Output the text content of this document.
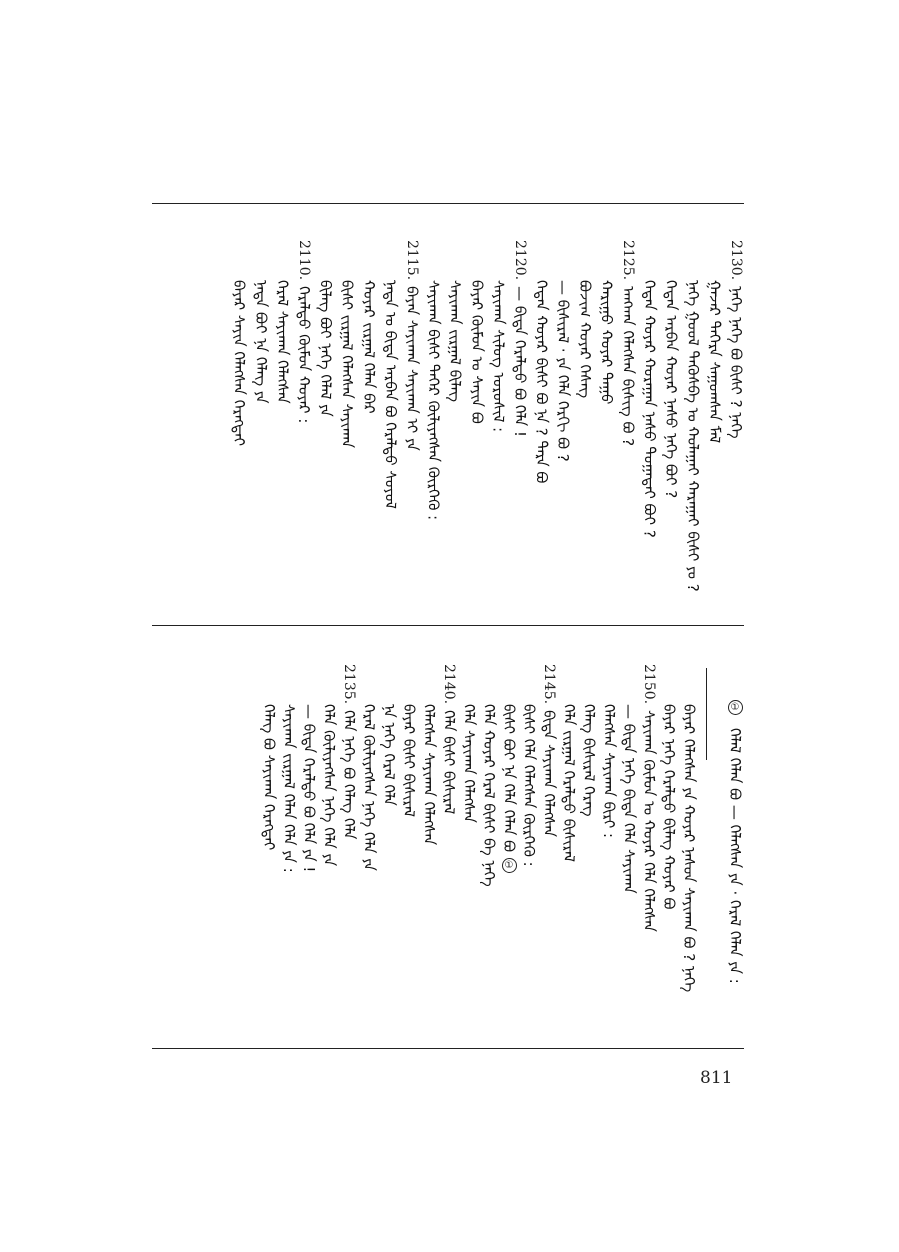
2130.ᠨᠡᠭᠡ ᠨᠡᠭᠡ ᠪᠣ ᠪᠢᠰᠢ ? ᠨᠡᠭᠡ
ᠭᠠᠵᠠᠷ ᠳᠡᠭᠡᠷᠡ ᠰᠠᠭᠤᠭᠰᠠᠨ ᠮᠠᠯ
ᠨᠡᠭᠡ ᠭᠣᠣᠯ ᠲᠡᠭᠦᠰᠪᠡ ᠣ ᠬᠤᠯᠠᠭᠠᠢ ᠬᠠᠷᠠᠭᠠᠢ ᠪᠢᠰᠢ ᠶᠤ ?
ᠬᠡᠳᠡᠨ ᠠᠷᠪᠠᠨ ᠬᠣᠶᠠᠷ ᠨᠠᠰᠤ ᠨᠡᠭᠡ ᠪᠣᠢ ?
ᠬᠡᠳᠡᠨ ᠬᠣᠶᠠᠷ ᠬᠤᠷᠠᠭᠠᠨ ᠨᠠᠰᠤ ᠲᠣᠭᠠᠲᠠᠢ ᠪᠣᠢ ?
2125.ᠠᠩᠬᠠᠨ ᠬᠡᠯᠡᠭᠰᠡᠨ ᠪᠢᠰᠢᠭ ᠪᠣ ?
ᠬᠠᠷᠢᠭᠤ ᠬᠣᠶᠠᠷ ᠳᠠᠭᠤ
ᠪᠤᠵᠢᠭ ᠬᠣᠶᠠᠷ ᠬᠡᠰᠡᠭ
— ᠪᠢᠰᠢᠷᠡᠯ · ᠶᠠ ᠬᠡᠯᠡ ᠬᠡᠷᠬᠢ ᠪᠣ ?
ᠬᠡᠳᠡᠨ ᠬᠣᠶᠠᠷ ᠪᠢᠰᠢ ᠪᠣ ᠨᠡ ? ᠳᠠᠷᠠ ᠪᠣ
2120.— ᠪᠢᠳᠡ ᠭᠡᠷᠡᠯᠲᠦ ᠪᠣ ᠬᠡᠯᠡ !
ᠰᠠᠶᠢᠬᠠᠨ ᠰᠢᠯᠦᠭ ᠣᠷᠣᠰᠢᠯ :
ᠪᠠᠶᠠᠷ ᠬᠦᠮᠦᠨ ᠣ ᠰᠠᠶᠢᠨ ᠪᠣ
ᠰᠠᠶᠢᠬᠠᠨ ᠵᠢᠷᠭᠠᠯ ᠪᠢᠯᠡᠭ
ᠰᠠᠶᠢᠬᠠᠨ ᠪᠢᠰᠢ ᠳᠡᠭᠡᠷ ᠬᠦᠯᠢᠶᠡᠭᠰᠡᠨ ᠬᠦᠷᠭᠡᠬᠦ :
2115.ᠪᠠᠶᠠᠨ ᠰᠠᠶᠢᠬᠠᠨ ᠰᠠᠶᠢᠬᠠᠨ ᠢ ᠶᠠ
ᠨᠠᠳᠠ ᠣ ᠪᠢᠳᠡ ᠠᠷᠪᠠᠨ ᠪᠣ ᠭᠡᠷᠡᠯᠲᠦ ᠰᠣᠶᠣᠯ
ᠬᠣᠶᠠᠷ ᠵᠢᠷᠭᠠᠯ ᠬᠡᠯᠡᠨ ᠪᠠᠷ
ᠪᠢᠰᠢ ᠵᠢᠷᠭᠠᠯ ᠬᠡᠯᠡᠭᠰᠡᠨ ᠰᠠᠶᠢᠬᠠᠨ
ᠪᠢᠯᠡᠭ ᠪᠣᠢ ᠨᠡᠭᠡ ᠬᠡᠯᠡᠯ ᠶᠠ
2110.ᠭᠡᠷᠡᠯᠲᠦ ᠬᠦᠮᠦᠨ ᠬᠣᠶᠠᠷ :
ᠭᠡᠷᠡᠯ ᠰᠠᠶᠢᠬᠠᠨ ᠬᠡᠯᠡᠭᠰᠡᠨ
ᠨᠠᠳᠠ ᠪᠣᠢ ᠨᠡ ᠬᠡᠯᠡᠭ ᠶᠠ
ᠪᠠᠶᠠᠷ ᠰᠠᠶᠢᠨ ᠬᠡᠯᠡᠭᠰᠡᠨ ᠬᠡᠷᠡᠭᠲᠡᠢ
① ᠬᠡᠯᠡᠯ ᠬᠡᠯᠡᠨ ᠪᠣ — ᠬᠡᠯᠡᠭᠰᠡᠨ ᠶᠠ · ᠭᠡᠷᠡᠯ ᠬᠡᠯᠡᠨ ᠶᠠ :
ᠪᠠᠶᠠᠷ ᠬᠡᠯᠡᠭᠰᠡᠨ ᠶᠠ ᠬᠣᠶᠠᠷ ᠨᠠᠰᠤᠨ ᠰᠠᠶᠢᠬᠠᠨ ᠪᠣ ? ᠨᠡᠭᠡ
ᠪᠠᠶᠠᠷ ᠨᠡᠭᠡ ᠭᠡᠷᠡᠯᠲᠦ ᠪᠢᠯᠡᠭ ᠬᠣᠶᠠᠷ ᠪᠣ
2150.ᠰᠠᠶᠢᠬᠠᠨ ᠬᠦᠮᠦᠨ ᠣ ᠬᠣᠶᠠᠷ ᠬᠡᠯᠡ ᠬᠡᠯᠡᠭᠰᠡᠨ
— ᠪᠢᠳᠡ ᠨᠡᠭᠡ ᠪᠢᠳᠡ ᠬᠡᠯᠡ ᠰᠠᠶᠢᠬᠠᠨ
ᠬᠡᠯᠡᠭᠰᠡᠨ ᠰᠠᠶᠢᠬᠠᠨ ᠪᠢᠷᠢ :
ᠬᠡᠯᠡᠭ ᠪᠢᠰᠢᠷᠡᠯ ᠬᠡᠷᠡᠭ
ᠬᠡᠯᠡ ᠵᠢᠷᠭᠠᠯ ᠭᠡᠷᠡᠯᠲᠦ ᠪᠢᠰᠢᠷᠡᠯ
2145.ᠪᠢᠳᠡ ᠰᠠᠶᠢᠬᠠᠨ ᠬᠡᠯᠡᠭᠰᠡᠨ
ᠪᠢᠰᠢ ᠬᠡᠯᠡ ᠬᠡᠯᠡᠭᠰᠡᠨ ᠬᠦᠷᠭᠡᠬᠦ :
ᠪᠢᠰᠢ ᠪᠣᠢ ᠨᠡ ᠬᠡᠯᠡ ᠬᠡᠯᠡᠨ ᠪᠣ①
ᠬᠡᠯᠡ ᠬᠣᠶᠠᠷ ᠭᠡᠷᠡᠯ ᠪᠢᠰᠢ ᠪᠠ ᠨᠡᠭᠡ
ᠬᠡᠯᠡ ᠰᠠᠶᠢᠬᠠᠨ ᠬᠡᠯᠡᠭᠰᠡᠨ
2140.ᠬᠡᠯᠡ ᠪᠢᠰᠢ ᠪᠢᠰᠢᠷᠡᠯ
ᠬᠡᠯᠡᠭᠰᠡᠨ ᠰᠠᠶᠢᠬᠠᠨ ᠬᠡᠯᠡᠭᠰᠡᠨ
ᠪᠠᠶᠠᠷ ᠪᠢᠰᠢ ᠪᠢᠰᠢᠷᠡᠯ
ᠨᠡ ᠨᠡᠭᠡ ᠭᠡᠷᠡᠯ ᠬᠡᠯᠡ
ᠭᠡᠷᠡᠯ ᠬᠦᠯᠢᠶᠡᠭᠰᠡᠨ ᠨᠡᠭᠡ ᠬᠡᠯᠡ ᠶᠠ
2135.ᠬᠡᠯᠡ ᠨᠡᠭᠡ ᠪᠣ ᠬᠡᠯᠡᠭ ᠬᠡᠯᠡ
ᠬᠡᠯᠡ ᠬᠦᠯᠢᠶᠡᠭᠰᠡᠨ ᠨᠡᠭᠡ ᠬᠡᠯᠡ ᠶᠠ
— ᠪᠢᠳᠡ ᠭᠡᠷᠡᠯᠲᠦ ᠪᠣ ᠬᠡᠯᠡ ᠶᠠ !
ᠰᠠᠶᠢᠬᠠᠨ ᠵᠢᠷᠭᠠᠯ ᠬᠡᠯᠡᠨ ᠬᠡᠯᠡ ᠶᠠ :
ᠬᠡᠯᠡᠭ ᠪᠣ ᠰᠠᠶᠢᠬᠠᠨ ᠬᠡᠷᠡᠭᠲᠡᠢ
811
